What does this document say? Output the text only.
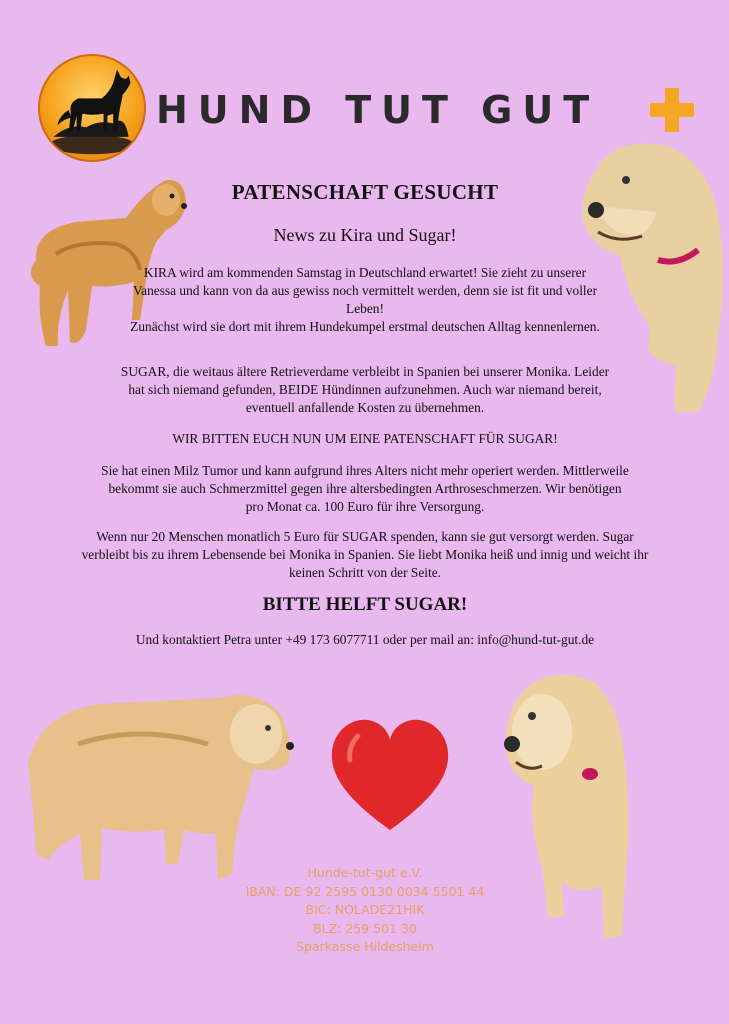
HUND TUT GUT
PATENSCHAFT GESUCHT
News zu Kira und Sugar!
KIRA wird am kommenden Samstag in Deutschland erwartet! Sie zieht zu unserer Vanessa und kann von da aus gewiss noch vermittelt werden, denn sie ist fit und voller Leben!
Zunächst wird sie dort mit ihrem Hundekumpel erstmal deutschen Alltag kennenlernen.
SUGAR, die weitaus ältere Retrieverdame verbleibt in Spanien bei unserer Monika. Leider hat sich niemand gefunden, BEIDE Hündinnen aufzunehmen. Auch war niemand bereit, eventuell anfallende Kosten zu übernehmen.
WIR BITTEN EUCH NUN UM EINE PATENSCHAFT FÜR SUGAR!
Sie hat einen Milz Tumor und kann aufgrund ihres Alters nicht mehr operiert werden. Mittlerweile bekommt sie auch Schmerzmittel gegen ihre altersbedingten Arthroseschmerzen. Wir benötigen pro Monat ca. 100 Euro für ihre Versorgung.
Wenn nur 20 Menschen monatlich 5 Euro für SUGAR spenden, kann sie gut versorgt werden. Sugar verbleibt bis zu ihrem Lebensende bei Monika in Spanien. Sie liebt Monika heiß und innig und weicht ihr keinen Schritt von der Seite.
BITTE HELFT SUGAR!
Und kontaktiert Petra unter +49 173 6077711 oder per mail an: info@hund-tut-gut.de
Hunde-tut-gut e.V.
IBAN: DE 92 2595 0130 0034 5501 44
BIC: NOLADE21HIK
BLZ: 259 501 30
Sparkasse Hildesheim
